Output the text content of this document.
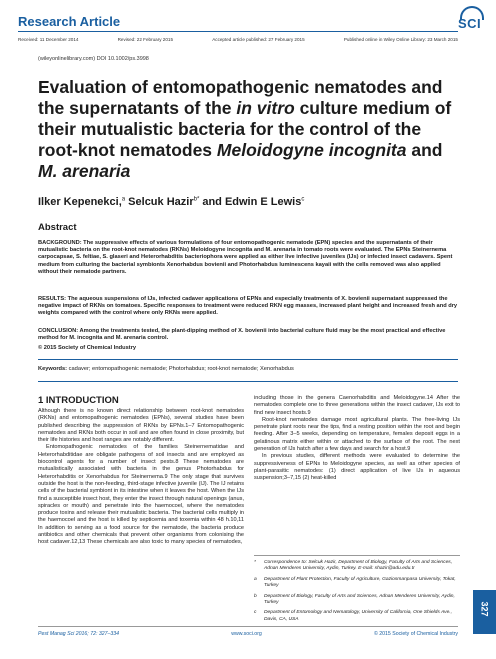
Research Article	SCI
Received: 11 December 2014	Revised: 22 February 2015	Accepted article published: 27 February 2015	Published online in Wiley Online Library: 23 March 2015
(wileyonlinelibrary.com) DOI 10.1002/ps.3998
Evaluation of entomopathogenic nematodes and the supernatants of the in vitro culture medium of their mutualistic bacteria for the control of the root-knot nematodes Meloidogyne incognita and M. arenaria
Ilker Kepenekci,$^a$ Selcuk Hazir$^{b*}$ and Edwin E Lewis$^c$
Abstract

BACKGROUND: The suppressive effects of various formulations of four entomopathogenic nematode (EPN) species and the supernatants of their mutualistic bacteria on the root-knot nematodes (RKNs) Meloidogyne incognita and M. arenaria in tomato roots were evaluated. The EPNs Steinernema carpocapsae, S. feltiae, S. glaseri and Heterorhabditis bacteriophora were applied as either live infective juveniles (IJs) or infected insect cadavers. Spent medium from culturing the bacterial symbionts Xenorhabdus bovienii and Photorhabdus luminescens kayaii with the cells removed was also applied without their nematode partners.

RESULTS: The aqueous suspensions of IJs, infected cadaver applications of EPNs and especially treatments of X. bovienii supernatant suppressed the negative impact of RKNs on tomatoes. Specific responses to treatment were reduced RKN egg masses, increased plant height and increased fresh and dry weights compared with the control where only RKNs were applied.

CONCLUSION: Among the treatments tested, the plant-dipping method of X. bovienii into bacterial culture fluid may be the most practical and effective method for M. incognita and M. arenaria control.

© 2015 Society of Chemical Industry

Keywords: cadaver; entomopathogenic nematode; Photorhabdus; root-knot nematode; Xenorhabdus
1 INTRODUCTION

Although there is no known direct relationship between root-knot nematodes (RKNs) and entomopathogenic nematodes (EPNs), several studies have been published describing the suppression of RKNs by EPNs.1–7 Entomopathogenic nematodes and RKNs both occur in soil and are often found in close proximity, but their life histories and host ranges are notably different.

Entomopathogenic nematodes of the families Steinernematidae and Heterorhabditidae are obligate pathogens of soil insects and are employed as biocontrol agents for a number of insect pests.8 These nematodes are mutualistically associated with bacteria in the genus Photorhabdus for Heterorhabditis or Xenorhabdus for Steinernema.9 The only stage that survives outside the host is the non-feeding, third-stage infective juvenile (IJ). The IJ retains cells of the bacterial symbiont in its intestine when it leaves the host. When the IJs find a susceptible insect host, they enter the insect through natural openings (anus, spiracles or mouth) and penetrate into the haemocoel, where the nematodes produce toxins and release their mutualistic bacteria. The bacterial cells multiply in the haemocoel and the host is killed by septicemia and toxemia within 48 h.10,11 In addition to serving as a food source for the nematode, the bacteria produce antibiotics and other chemicals that prevent other organisms from colonising the host cadaver.12,13 These chemicals are also toxic to many species of nematodes,

including those in the genera Caenorhabditis and Meloidogyne.14 After the nematodes complete one to three generations within the insect cadaver, IJs exit to find new insect hosts.9

Root-knot nematodes damage most agricultural plants. The free-living IJs penetrate plant roots near the tips, find a resting position within the root and begin feeding. After 3–5 weeks, depending on temperature, females deposit eggs in a gelatinous matrix either within or attached to the surface of the root. The next generation of IJs hatch after a few days and search for a host.9

In previous studies, different methods were evaluated to determine the suppressiveness of EPNs to Meloidogyne species, as well as other species of plant-parasitic nematodes: (1) direct application of live IJs in aqueous suspension;3–7,15 (2) heat-killed

*	Correspondence to: Selcuk Hazir, Department of Biology, Faculty of Arts and Sciences, Adnan Menderes University, Aydin, Turkey. E-mail: shazir@adu.edu.tr
a	Department of Plant Protection, Faculty of Agriculture, Gaziosmanpasa University, Tokat, Turkey
b	Department of Biology, Faculty of Arts and Sciences, Adnan Menderes University, Aydin, Turkey
c	Department of Entomology and Nematology, University of California, One Shields Ave., Davis, CA, USA
Pest Manag Sci 2016; 72: 327–334	www.soci.org	© 2015 Society of Chemical Industry
327
